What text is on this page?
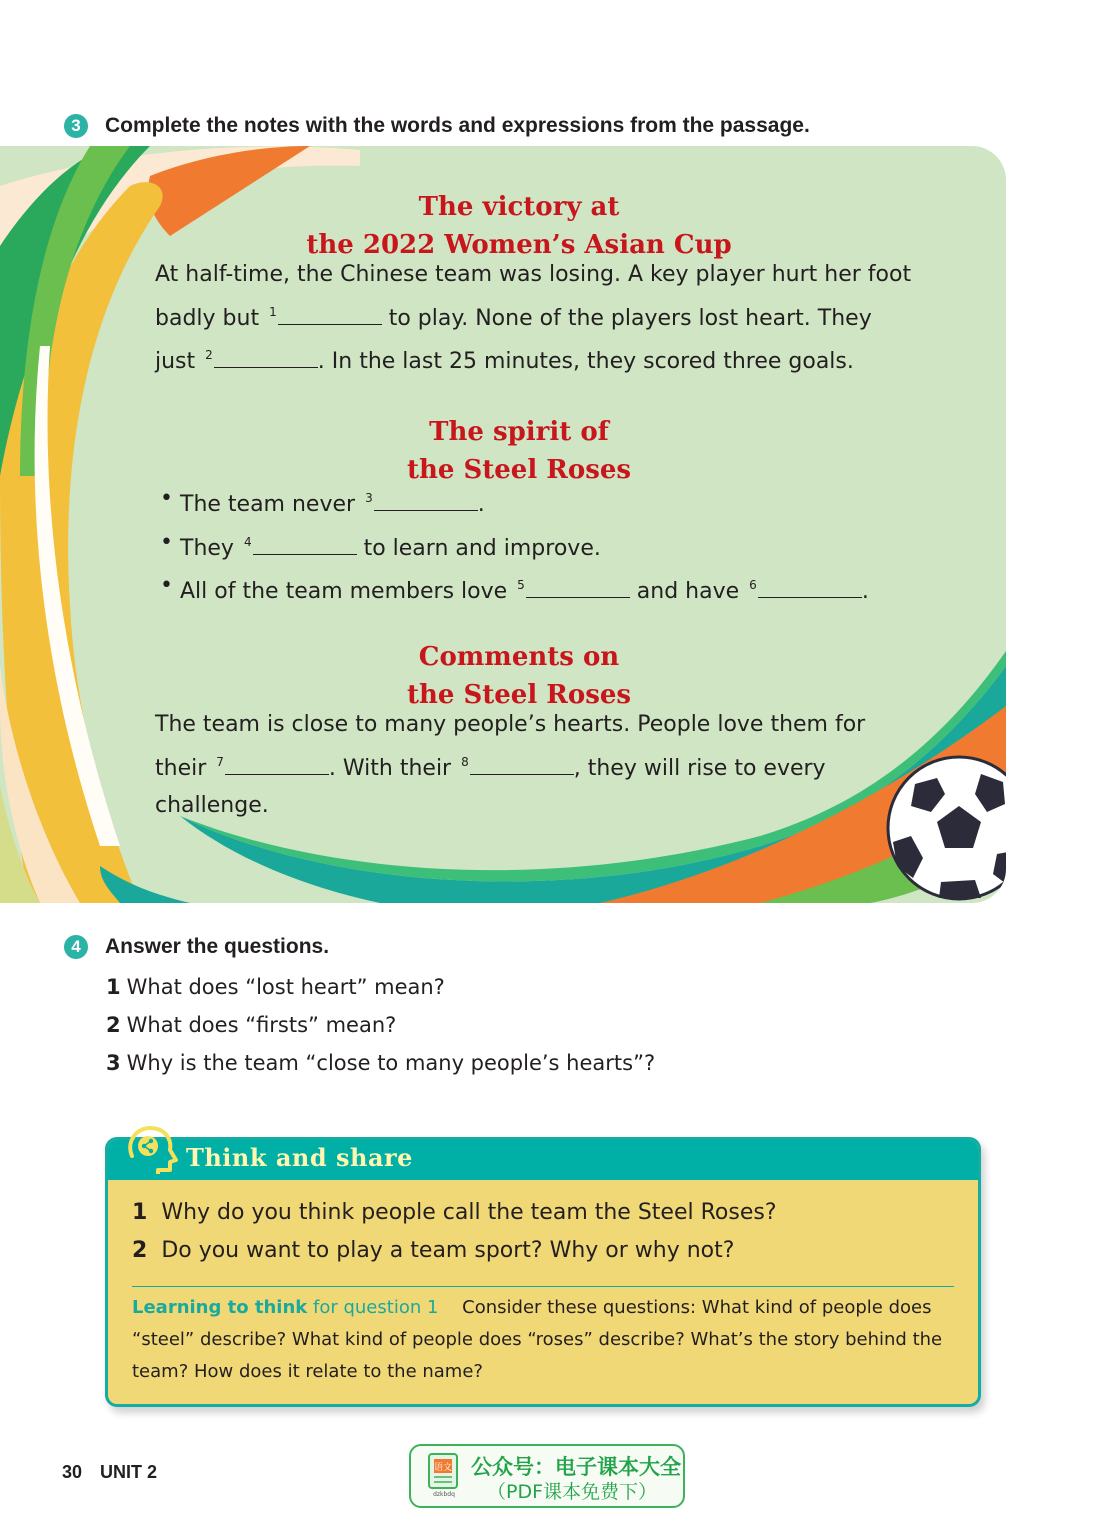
3	Complete the notes with the words and expressions from the passage.
The victory at
the 2022 Women’s Asian Cup
At half-time, the Chinese team was losing. A key player hurt her foot
badly but $^1$	to play. None of the players lost heart. They
just $^2$	. In the last 25 minutes, they scored three goals.
The spirit of
the Steel Roses
• The team never $^3$	.
• They $^4$	to learn and improve.
• All of the team members love $^5$	and have $^6$	.
Comments on
the Steel Roses
The team is close to many people’s hearts. People love them for
their $^7$	. With their $^8$	, they will rise to every
challenge.
4	Answer the questions.
1 What does “lost heart” mean?
2 What does “firsts” mean?
3 Why is the team “close to many people’s hearts”?
Think and share
1 Why do you think people call the team the Steel Roses?
2 Do you want to play a team sport? Why or why not?
Learning to think for question 1 Consider these questions: What kind of people does “steel” describe? What kind of people does “roses” describe? What’s the story behind the team? How does it relate to the name?
30 UNIT 2	语文
dzkbdq
公众号：电子课本大全
（PDF课本免费下）
